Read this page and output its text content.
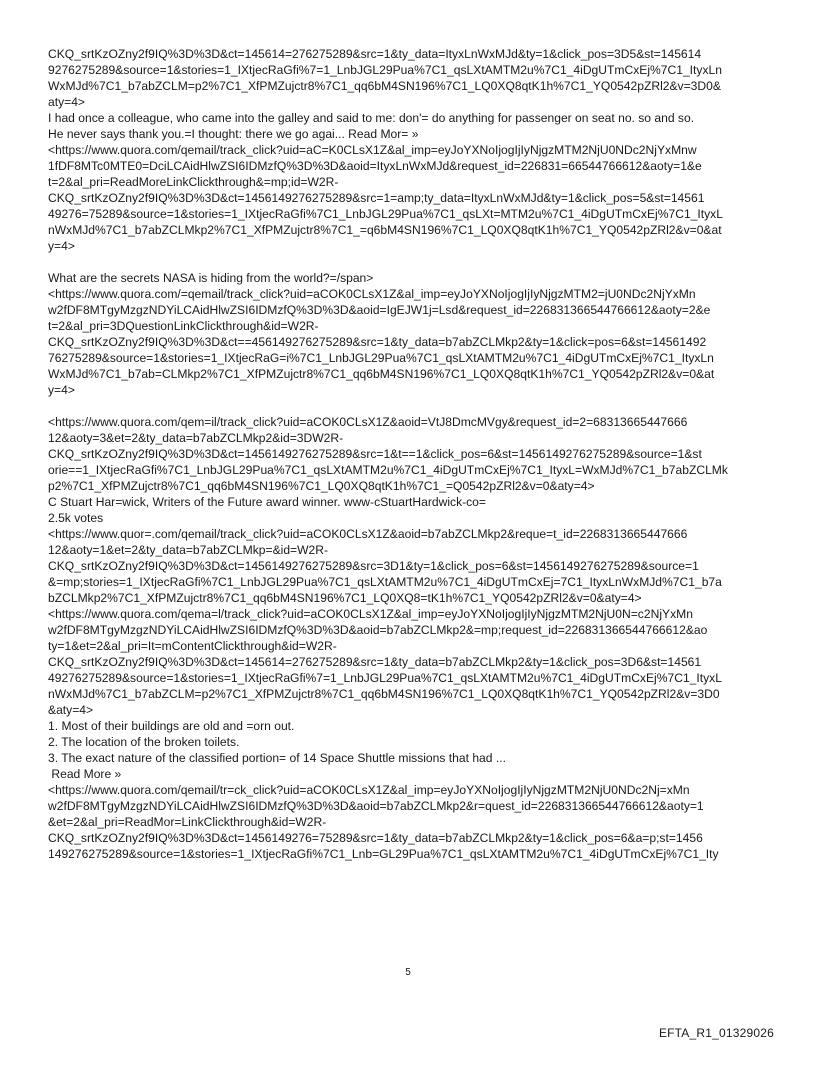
CKQ_srtKzOZny2f9IQ%3D%3D&ct=145614=276275289&src=1&ty_data=ItyxLnWxMJd&ty=1&click_pos=3D5&st=145614
9276275289&source=1&stories=1_IXtjecRaGfi%7=1_LnbJGL29Pua%7C1_qsLXtAMTM2u%7C1_4iDgUTmCxEj%7C1_ItyxLn
WxMJd%7C1_b7abZCLM=p2%7C1_XfPMZujctr8%7C1_qq6bM4SN196%7C1_LQ0XQ8qtK1h%7C1_YQ0542pZRl2&v=3D0&
aty=4>
I had once a colleague, who came into the galley and said to me: don'= do anything for passenger on seat no. so and so.
He never says thank you.=I thought: there we go agai... Read Mor= »
<https://www.quora.com/qemail/track_click?uid=aC=K0CLsX1Z&al_imp=eyJoYXNoIjogIjIyNjgzMTM2NjU0NDc2NjYxMnw
1fDF8MTc0MTE0=DciLCAidHlwZSI6IDMzfQ%3D%3D&aoid=ItyxLnWxMJd&request_id=226831=66544766612&aoty=1&e
t=2&al_pri=ReadMoreLinkClickthrough&=mp;id=W2R-
CKQ_srtKzOZny2f9IQ%3D%3D&ct=1456149276275289&src=1=amp;ty_data=ItyxLnWxMJd&ty=1&click_pos=5&st=14561
49276=75289&source=1&stories=1_IXtjecRaGfi%7C1_LnbJGL29Pua%7C1_qsLXt=MTM2u%7C1_4iDgUTmCxEj%7C1_ItyxL
nWxMJd%7C1_b7abZCLMkp2%7C1_XfPMZujctr8%7C1_=q6bM4SN196%7C1_LQ0XQ8qtK1h%7C1_YQ0542pZRl2&v=0&at
y=4>
What are the secrets NASA is hiding from the world?=/span>
<https://www.quora.com/=qemail/track_click?uid=aCOK0CLsX1Z&al_imp=eyJoYXNoIjogIjIyNjgzMTM2=jU0NDc2NjYxMn
w2fDF8MTgyMzgzNDYiLCAidHlwZSI6IDMzfQ%3D%3D&aoid=IgEJW1j=Lsd&request_id=226831366544766612&aoty=2&e
t=2&al_pri=3DQuestionLinkClickthrough&id=W2R-
CKQ_srtKzOZny2f9IQ%3D%3D&ct==456149276275289&src=1&ty_data=b7abZCLMkp2&ty=1&click=pos=6&st=14561492
76275289&source=1&stories=1_IXtjecRaG=i%7C1_LnbJGL29Pua%7C1_qsLXtAMTM2u%7C1_4iDgUTmCxEj%7C1_ItyxLn
WxMJd%7C1_b7ab=CLMkp2%7C1_XfPMZujctr8%7C1_qq6bM4SN196%7C1_LQ0XQ8qtK1h%7C1_YQ0542pZRl2&v=0&at
y=4>
<https://www.quora.com/qem=il/track_click?uid=aCOK0CLsX1Z&aoid=VtJ8DmcMVgy&request_id=2=68313665447666
12&aoty=3&et=2&ty_data=b7abZCLMkp2&id=3DW2R-
CKQ_srtKzOZny2f9IQ%3D%3D&ct=1456149276275289&src=1&t==1&click_pos=6&st=1456149276275289&source=1&st
orie==1_IXtjecRaGfi%7C1_LnbJGL29Pua%7C1_qsLXtAMTM2u%7C1_4iDgUTmCxEj%7C1_ItyxL=WxMJd%7C1_b7abZCLMk
p2%7C1_XfPMZujctr8%7C1_qq6bM4SN196%7C1_LQ0XQ8qtK1h%7C1_=Q0542pZRl2&v=0&aty=4>
C Stuart Har=wick, Writers of the Future award winner. www-cStuartHardwick-co=
2.5k votes
<https://www.quor=.com/qemail/track_click?uid=aCOK0CLsX1Z&aoid=b7abZCLMkp2&reque=t_id=2268313665447666
12&aoty=1&et=2&ty_data=b7abZCLMkp=&id=W2R-
CKQ_srtKzOZny2f9IQ%3D%3D&ct=1456149276275289&src=3D1&ty=1&click_pos=6&st=1456149276275289&source=1
&=mp;stories=1_IXtjecRaGfi%7C1_LnbJGL29Pua%7C1_qsLXtAMTM2u%7C1_4iDgUTmCxEj=7C1_ItyxLnWxMJd%7C1_b7a
bZCLMkp2%7C1_XfPMZujctr8%7C1_qq6bM4SN196%7C1_LQ0XQ8=tK1h%7C1_YQ0542pZRl2&v=0&aty=4>
<https://www.quora.com/qema=l/track_click?uid=aCOK0CLsX1Z&al_imp=eyJoYXNoIjogIjIyNjgzMTM2NjU0N=c2NjYxMn
w2fDF8MTgyMzgzNDYiLCAidHlwZSI6IDMzfQ%3D%3D&aoid=b7abZCLMkp2&=mp;request_id=226831366544766612&ao
ty=1&et=2&al_pri=It=mContentClickthrough&id=W2R-
CKQ_srtKzOZny2f9IQ%3D%3D&ct=145614=276275289&src=1&ty_data=b7abZCLMkp2&ty=1&click_pos=3D6&st=14561
49276275289&source=1&stories=1_IXtjecRaGfi%7=1_LnbJGL29Pua%7C1_qsLXtAMTM2u%7C1_4iDgUTmCxEj%7C1_ItyxL
nWxMJd%7C1_b7abZCLM=p2%7C1_XfPMZujctr8%7C1_qq6bM4SN196%7C1_LQ0XQ8qtK1h%7C1_YQ0542pZRl2&v=3D0
&aty=4>
1. Most of their buildings are old and =orn out.
2. The location of the broken toilets.
3. The exact nature of the classified portion= of 14 Space Shuttle missions that had ...
Read More »
<https://www.quora.com/qemail/tr=ck_click?uid=aCOK0CLsX1Z&al_imp=eyJoYXNoIjogIjIyNjgzMTM2NjU0NDc2Nj=xMn
w2fDF8MTgyMzgzNDYiLCAidHlwZSI6IDMzfQ%3D%3D&aoid=b7abZCLMkp2&r=quest_id=226831366544766612&aoty=1
&et=2&al_pri=ReadMor=LinkClickthrough&id=W2R-
CKQ_srtKzOZny2f9IQ%3D%3D&ct=1456149276=75289&src=1&ty_data=b7abZCLMkp2&ty=1&click_pos=6&a=p;st=1456
149276275289&source=1&stories=1_IXtjecRaGfi%7C1_Lnb=GL29Pua%7C1_qsLXtAMTM2u%7C1_4iDgUTmCxEj%7C1_Ity
5
EFTA_R1_01329026
